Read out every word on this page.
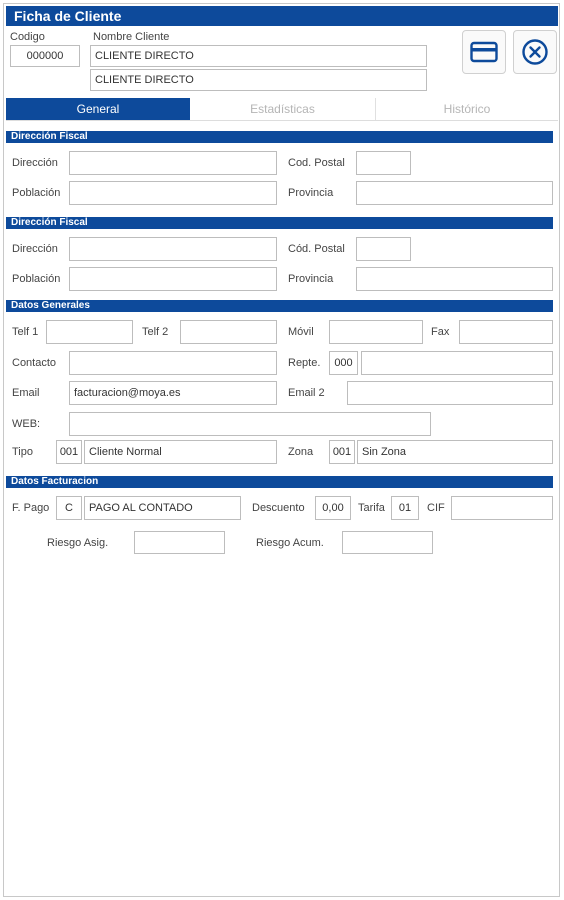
Ficha de Cliente
Codigo
000000
Nombre Cliente
CLIENTE DIRECTO
CLIENTE DIRECTO
General	Estadísticas	Histórico
Dirección Fiscal
Dirección	Cod. Postal
Población	Provincia
Dirección Fiscal
Dirección	Cód. Postal
Población	Provincia
Datos Generales
Telf 1	Telf 2	Móvil	Fax
Contacto	Repte.	000
Email	facturacion@moya.es	Email 2
WEB:
Tipo	001 Cliente Normal	Zona	001 Sin Zona
Datos Facturacion
F. Pago	C	PAGO AL CONTADO	Descuento	0,00	Tarifa	01	CIF
Riesgo Asig.	Riesgo Acum.
